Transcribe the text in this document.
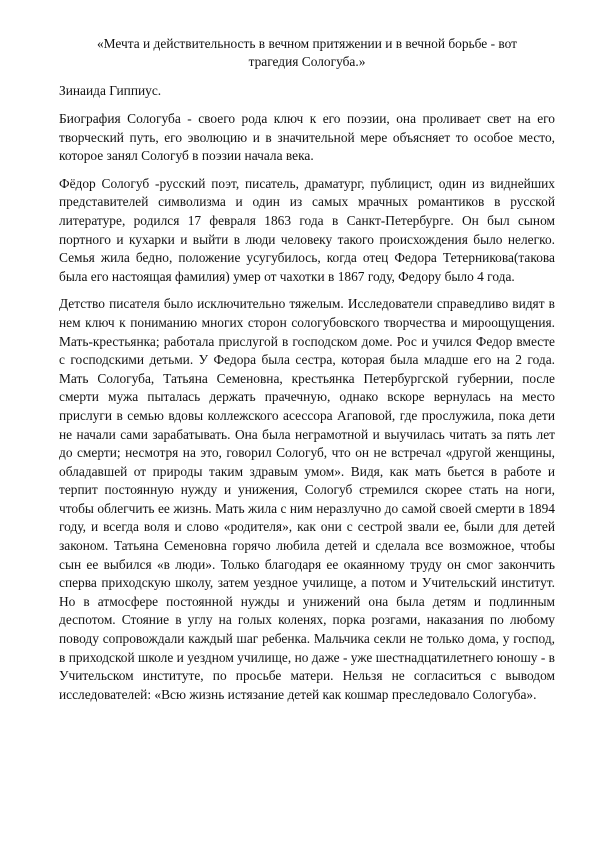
«Мечта и действительность в вечном притяжении и в вечной борьбе - вот трагедия Сологуба.»

Зинаида Гиппиус.

Биография Сологуба - своего рода ключ к его поэзии, она проливает свет на его творческий путь, его эволюцию и в значительной мере объясняет то особое место, которое занял Сологуб в поэзии начала века.

Фёдор Сологуб -русский поэт, писатель, драматург, публицист, один из виднейших представителей символизма и один из самых мрачных романтиков в русской литературе, родился 17 февраля 1863 года в Санкт-Петербурге. Он был сыном портного и кухарки и выйти в люди человеку такого происхождения было нелегко. Семья жила бедно, положение усугубилось, когда отец Федора Тетерникова(такова была его настоящая фамилия) умер от чахотки в 1867 году, Федору было 4 года.

Детство писателя было исключительно тяжелым. Исследователи справедливо видят в нем ключ к пониманию многих сторон сологубовского творчества и мироощущения. Мать-крестьянка; работала прислугой в господском доме. Рос и учился Федор вместе с господскими детьми. У Федора была сестра, которая была младше его на 2 года. Мать Сологуба, Татьяна Семеновна, крестьянка Петербургской губернии, после смерти мужа пыталась держать прачечную, однако вскоре вернулась на место прислуги в семью вдовы коллежского асессора Агаповой, где прослужила, пока дети не начали сами зарабатывать. Она была неграмотной и выучилась читать за пять лет до смерти; несмотря на это, говорил Сологуб, что он не встречал «другой женщины, обладавшей от природы таким здравым умом». Видя, как мать бьется в работе и терпит постоянную нужду и унижения, Сологуб стремился скорее стать на ноги, чтобы облегчить ее жизнь. Мать жила с ним неразлучно до самой своей смерти в 1894 году, и всегда воля и слово «родителя», как они с сестрой звали ее, были для детей законом. Татьяна Семеновна горячо любила детей и сделала все возможное, чтобы сын ее выбился «в люди». Только благодаря ее окаянному труду он смог закончить сперва приходскую школу, затем уездное училище, а потом и Учительский институт. Но в атмосфере постоянной нужды и унижений она была детям и подлинным деспотом. Стояние в углу на голых коленях, порка розгами, наказания по любому поводу сопровождали каждый шаг ребенка. Мальчика секли не только дома, у господ, в приходской школе и уездном училище, но даже - уже шестнадцатилетнего юношу - в Учительском институте, по просьбе матери. Нельзя не согласиться с выводом исследователей: «Всю жизнь истязание детей как кошмар преследовало Сологуба».
